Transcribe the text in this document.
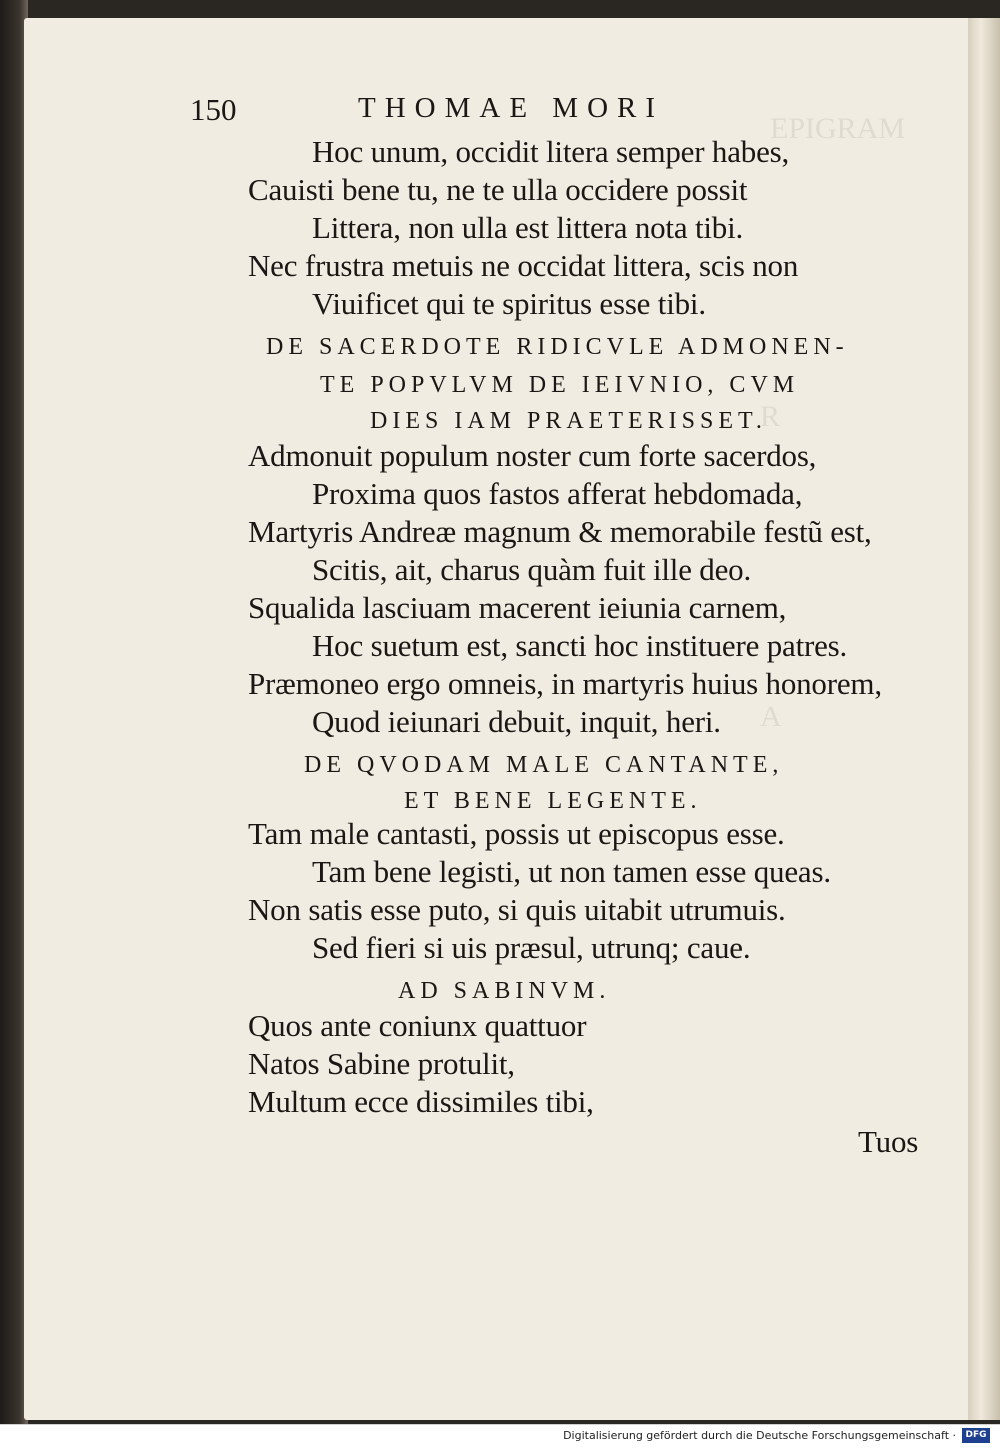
EPIGRAM
R
A
150	THOMAE MORI
Hoc unum, occidit litera semper habes,
Cauisti bene tu, ne te ulla occidere possit
Littera, non ulla est littera nota tibi.
Nec frustra metuis ne occidat littera, scis non
Viuificet qui te spiritus esse tibi.
DE SACERDOTE RIDICVLE ADMONEN-
TE POPVLVM DE IEIVNIO, CVM
DIES IAM PRAETERISSET.
Admonuit populum noster cum forte sacerdos,
Proxima quos fastos afferat hebdomada,
Martyris Andreæ magnum & memorabile festũ est,
Scitis, ait, charus quàm fuit ille deo.
Squalida lasciuam macerent ieiunia carnem,
Hoc suetum est, sancti hoc instituere patres.
Præmoneo ergo omneis, in martyris huius honorem,
Quod ieiunari debuit, inquit, heri.
DE QVODAM MALE CANTANTE,
ET BENE LEGENTE.
Tam male cantasti, possis ut episcopus esse.
Tam bene legisti, ut non tamen esse queas.
Non satis esse puto, si quis uitabit utrumuis.
Sed fieri si uis præsul, utrunq; caue.
AD SABINVM.
Quos ante coniunx quattuor
Natos Sabine protulit,
Multum ecce dissimiles tibi,
Tuos
Digitalisierung gefördert durch die Deutsche Forschungsgemeinschaft ·	DFG
